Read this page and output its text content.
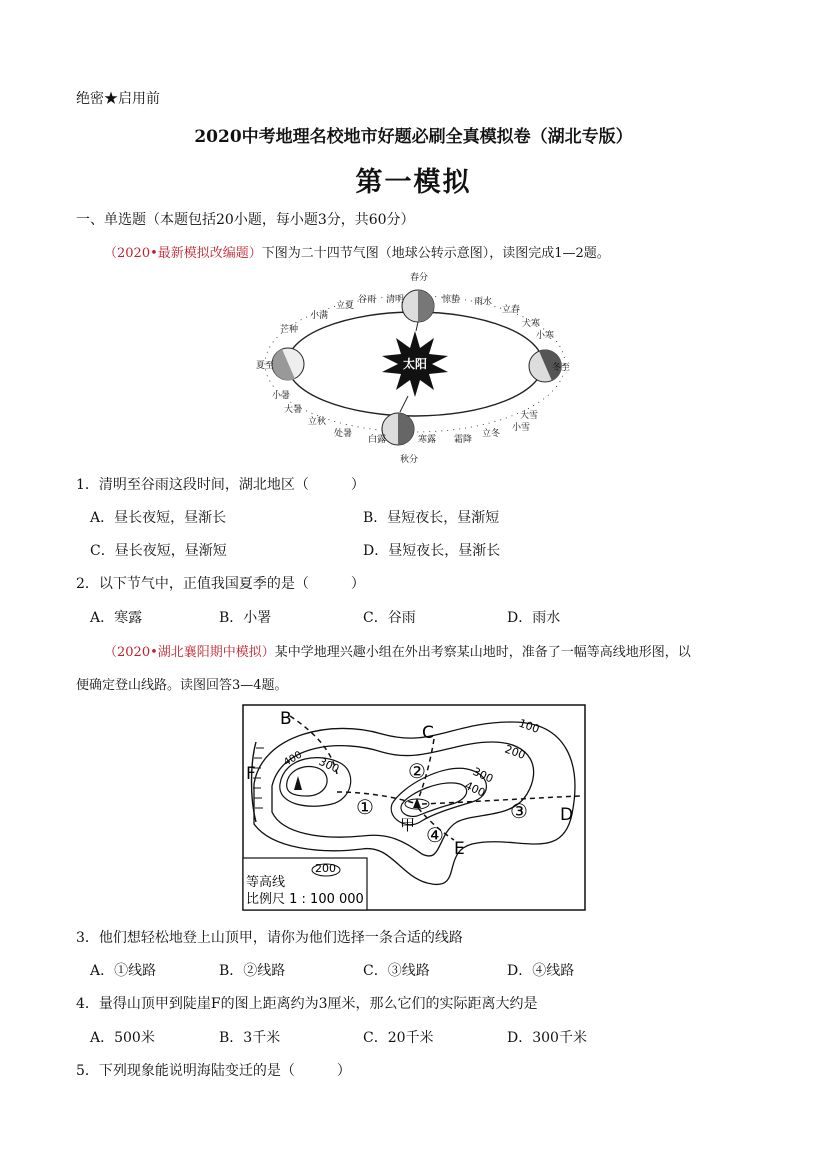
绝密★启用前
2020中考地理名校地市好题必刷全真模拟卷（湖北专版）
第一模拟
一、单选题（本题包括20小题，每小题3分，共60分）
（2020•最新模拟改编题）下图为二十四节气图（地球公转示意图），读图完成1—2题。
太阳
春分
惊蛰 雨水
立春
大寒
小寒
冬至
大雪
小雪
立冬
霜降
寒露
秋分
白露
处暑
立秋
大暑
小暑
夏至
芒种
小满
立夏
谷雨 清明
1．清明至谷雨这段时间，湖北地区（　　　）
A．昼长夜短，昼渐长	B．昼短夜长，昼渐短
C．昼长夜短，昼渐短	D．昼短夜长，昼渐长
2．以下节气中，正值我国夏季的是（　　　）
A．寒露	B．小署	C．谷雨	D．雨水
（2020•湖北襄阳期中模拟）某中学地理兴趣小组在外出考察某山地时，准备了一幅等高线地形图，以
便确定登山线路。读图回答3—4题。
B
C
F
D
E
甲
①
②
③
④
100
200
300
400
300
400
200
等高线
比例尺 1 : 100 000
3．他们想轻松地登上山顶甲，请你为他们选择一条合适的线路
A．①线路	B．②线路	C．③线路	D．④线路
4．量得山顶甲到陡崖F的图上距离约为3厘米，那么它们的实际距离大约是
A．500米	B．3千米	C．20千米	D．300千米
5．下列现象能说明海陆变迁的是（　　　）
